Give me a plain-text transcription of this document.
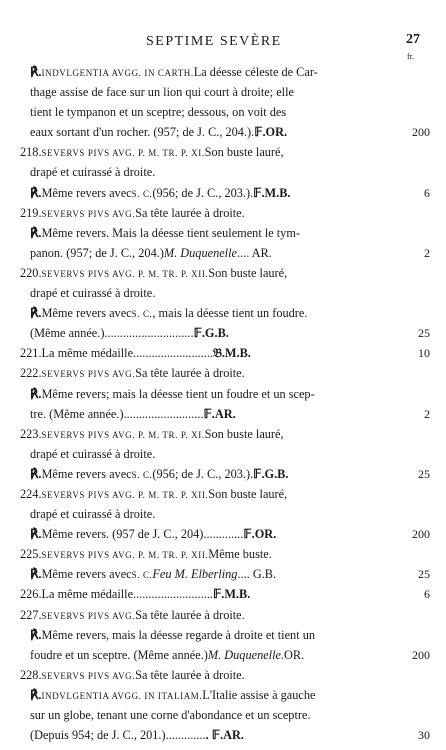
SEPTIME SEVÈRE	27
fr.
℟.INDVLGENTIA AVGG. IN CARTH.La déesse céleste de Car-
thage assise de face sur un lion qui court à droite; elle
tient le tympanon et un sceptre; dessous, on voit des
eaux sortant d'un rocher. (957; de J. C., 204.).𝔽.OR.	200
218.SEVERVS PIVS AVG. P. M. TR. P. XI.Son buste lauré,
drapé et cuirassé à droite.
℟.Même revers avecS. C.(956; de J. C., 203.).𝔽.M.B.	6
219.SEVERVS PIVS AVG.Sa tête laurée à droite.
℟.Même revers. Mais la déesse tient seulement le tym-
panon. (957; de J. C., 204.)M. Duquenelle.... AR.	2
220.SEVERVS PIVS AVG. P. M. TR. P. XII.Son buste lauré,
drapé et cuirassé à droite.
℟.Même revers avecS. C., mais la déesse tient un foudre.
(Même année.).............................𝔽.G.B.	25
221.La même médaille..........................𝔅.M.B.	10
222.SEVERVS PIVS AVG.Sa tête laurée à droite.
℟.Même revers; mais la déesse tient un foudre et un scep-
tre. (Même année.)..........................𝔽.AR.	2
223.SEVERVS PIVS AVG. P. M. TR. P. XI.Son buste lauré,
drapé et cuirassé à droite.
℟.Même revers avecS. C.(956; de J. C., 203.).𝔽.G.B.	25
224.SEVERVS PIVS AVG. P. M. TR. P. XII.Son buste lauré,
drapé et cuirassé à droite.
℟.Même revers. (957 de J. C., 204).............𝔽.OR.	200
225.SEVERVS PIVS AVG. P. M. TR. P. XII.Même buste.
℟.Même revers avecS. C.Feu M. Elberling.... G.B.	25
226.La même médaille..........................𝔽.M.B.	6
227.SEVERVS PIVS AVG.Sa tête laurée à droite.
℟.Même revers, mais la déesse regarde à droite et tient un
foudre et un sceptre. (Même année.)M. Duquenelle.OR.	200
228.SEVERVS PIVS AVG.Sa tête laurée à droite.
℟.INDVLGENTIA AVGG. IN ITALIAM.L'Italie assise à gauche
sur un globe, tenant une corne d'abondance et un sceptre.
(Depuis 954; de J. C., 201.).............. 𝔽.AR.	30
